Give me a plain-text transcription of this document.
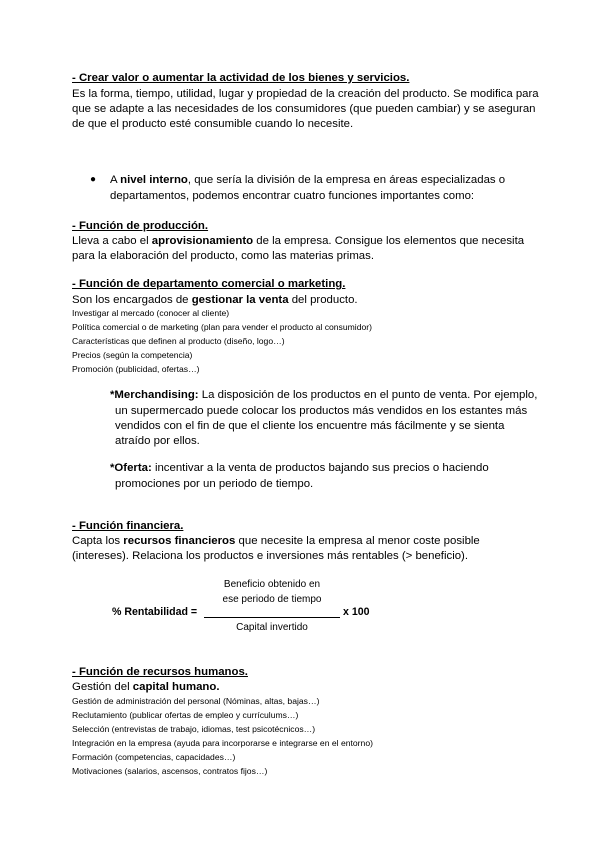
- Crear valor o aumentar la actividad de los bienes y servicios.
Es la forma, tiempo, utilidad, lugar y propiedad de la creación del producto. Se modifica para
que se adapte a las necesidades de los consumidores (que pueden cambiar) y se aseguran
de que el producto esté consumible cuando lo necesite.
● A nivel interno, que sería la división de la empresa en áreas especializadas o
departamentos, podemos encontrar cuatro funciones importantes como:
- Función de producción.
Lleva a cabo el aprovisionamiento de la empresa. Consigue los elementos que necesita
para la elaboración del producto, como las materias primas.
- Función de departamento comercial o marketing.
Son los encargados de gestionar la venta del producto.
Investigar al mercado (conocer al cliente)
Política comercial o de marketing (plan para vender el producto al consumidor)
Características que definen al producto (diseño, logo…)
Precios (según la competencia)
Promoción (publicidad, ofertas…)
*Merchandising: La disposición de los productos en el punto de venta. Por ejemplo,
un supermercado puede colocar los productos más vendidos en los estantes más
vendidos con el fin de que el cliente los encuentre más fácilmente y se sienta
atraído por ellos.
*Oferta: incentivar a la venta de productos bajando sus precios o haciendo
promociones por un periodo de tiempo.
- Función financiera.
Capta los recursos financieros que necesite la empresa al menor coste posible
(intereses). Relaciona los productos e inversiones más rentables (> beneficio).
% Rentabilidad =
Beneficio obtenido en
ese periodo de tiempo
Capital invertido
x 100
- Función de recursos humanos.
Gestión del capital humano.
Gestión de administración del personal (Nóminas, altas, bajas…)
Reclutamiento (publicar ofertas de empleo y currículums…)
Selección (entrevistas de trabajo, idiomas, test psicotécnicos…)
Integración en la empresa (ayuda para incorporarse e integrarse en el entorno)
Formación (competencias, capacidades…)
Motivaciones (salarios, ascensos, contratos fijos…)
